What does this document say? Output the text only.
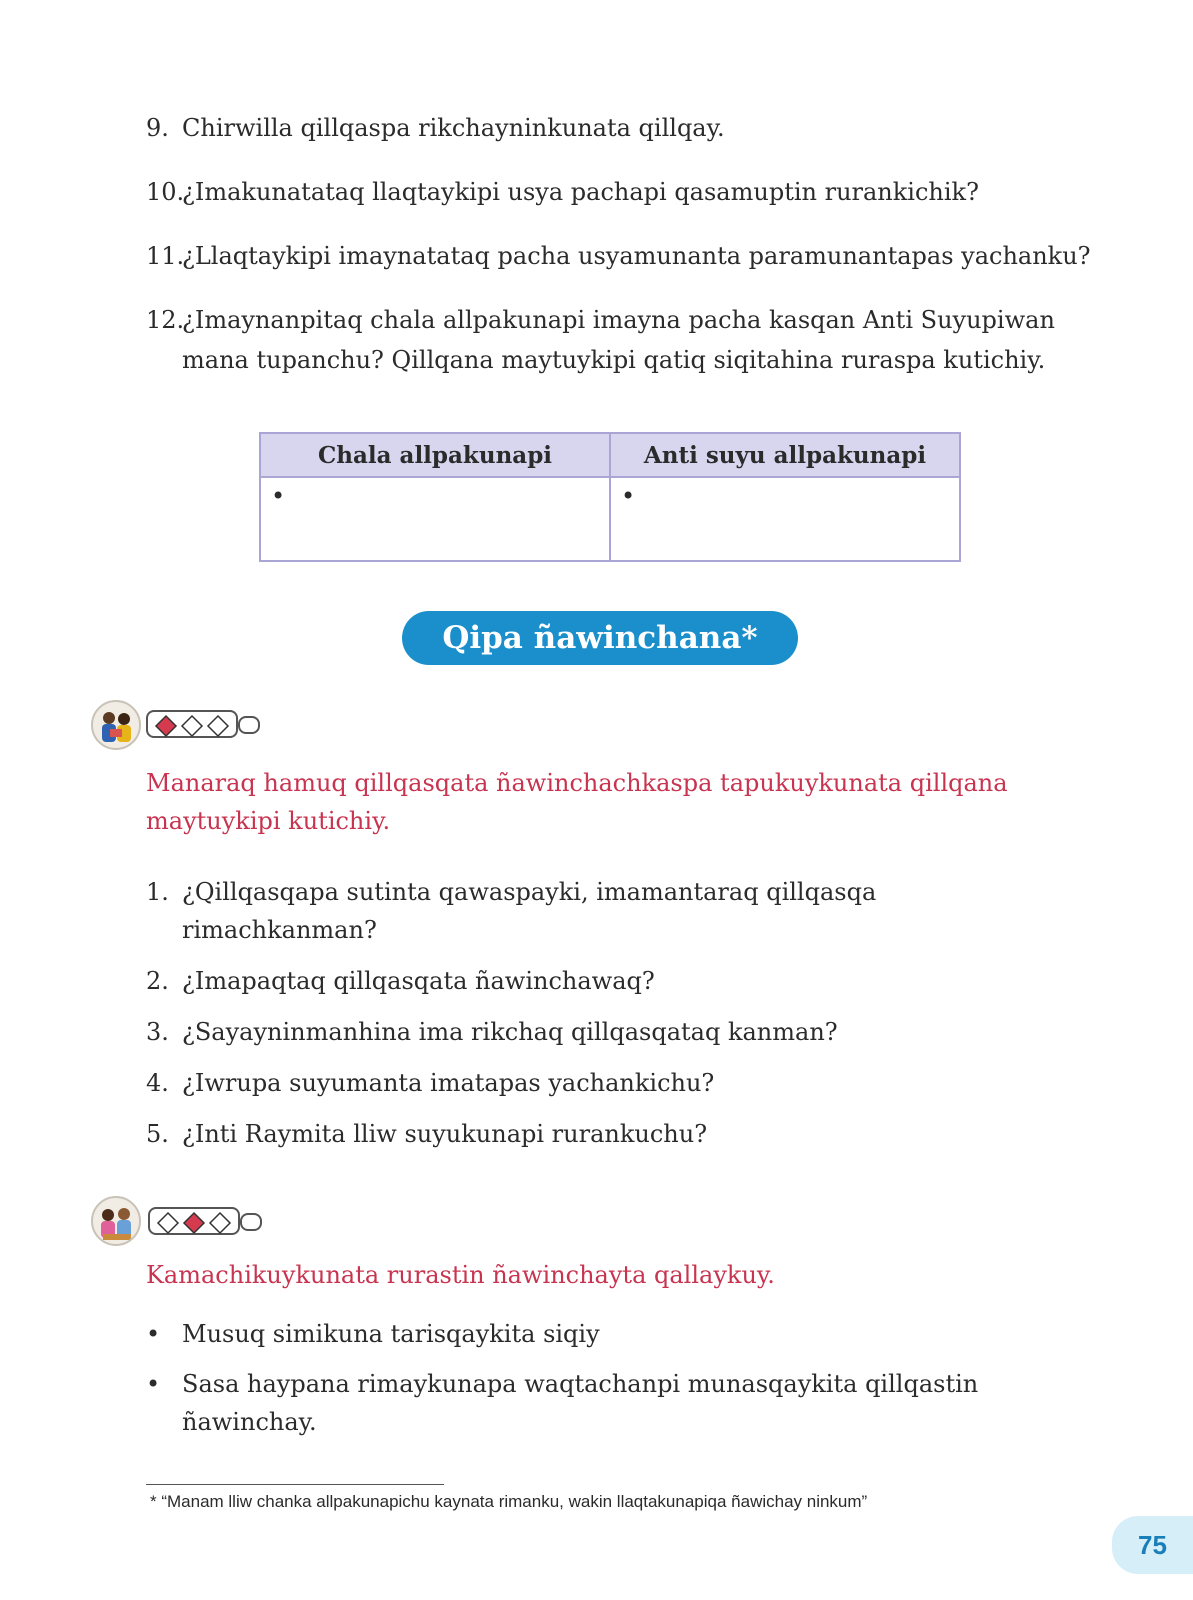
9. Chirwilla qillqaspa rikchayninkunata qillqay.
10.
¿Imakunatataq llaqtaykipi usya pachapi qasamuptin rurankichik?
11.
¿Llaqtaykipi imaynatataq pacha usyamunanta paramunantapas yachanku?
12.
¿Imaynanpitaq chala allpakunapi imayna pacha kasqan Anti Suyupiwan
mana tupanchu? Qillqana maytuykipi qatiq siqitahina ruraspa kutichiy.
Chala allpakunapi	Anti suyu allpakunapi
•	•
Qipa ñawinchana*
Manaraq hamuq qillqasqata ñawinchachkaspa tapukuykunata qillqana
maytuykipi kutichiy.
1. ¿Qillqasqapa sutinta qawaspayki, imamantaraq qillqasqa
rimachkanman?
2. ¿Imapaqtaq qillqasqata ñawinchawaq?
3. ¿Sayayninmanhina ima rikchaq qillqasqataq kanman?
4. ¿Iwrupa suyumanta imatapas yachankichu?
5. ¿Inti Raymita lliw suyukunapi rurankuchu?
Kamachikuykunata rurastin ñawinchayta qallaykuy.
• Musuq simikuna tarisqaykita siqiy
• Sasa haypana rimaykunapa waqtachanpi munasqaykita qillqastin
ñawinchay.
* “Manam lliw chanka allpakunapichu kaynata rimanku, wakin llaqtakunapiqa ñawichay ninkum”
75
